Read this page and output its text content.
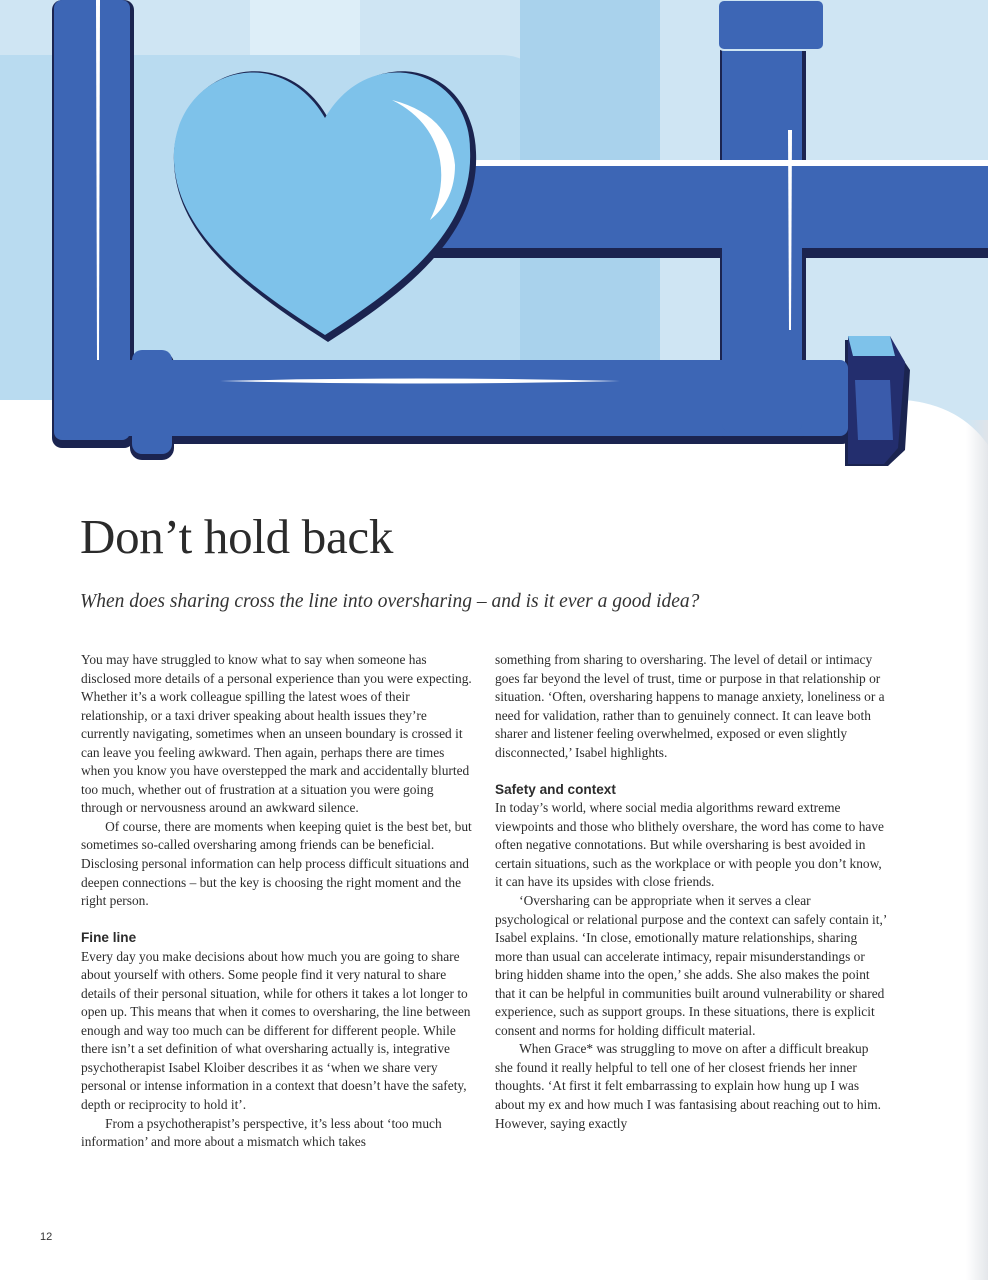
Don’t hold back

When does sharing cross the line into oversharing – and is it ever a good idea?

You may have struggled to know what to say when someone has disclosed more details of a personal experience than you were expecting. Whether it’s a work colleague spilling the latest woes of their relationship, or a taxi driver speaking about health issues they’re currently navigating, sometimes when an unseen boundary is crossed it can leave you feeling awkward. Then again, perhaps there are times when you know you have overstepped the mark and accidentally blurted too much, whether out of frustration at a situation you were going through or nervousness around an awkward silence.

Of course, there are moments when keeping quiet is the best bet, but sometimes so-called oversharing among friends can be beneficial. Disclosing personal information can help process difficult situations and deepen connections – but the key is choosing the right moment and the right person.

Fine line

Every day you make decisions about how much you are going to share about yourself with others. Some people find it very natural to share details of their personal situation, while for others it takes a lot longer to open up. This means that when it comes to oversharing, the line between enough and way too much can be different for different people. While there isn’t a set definition of what oversharing actually is, integrative psychotherapist Isabel Kloiber describes it as ‘when we share very personal or intense information in a context that doesn’t have the safety, depth or reciprocity to hold it’.

From a psychotherapist’s perspective, it’s less about ‘too much information’ and more about a mismatch which takes

something from sharing to oversharing. The level of detail or intimacy goes far beyond the level of trust, time or purpose in that relationship or situation. ‘Often, oversharing happens to manage anxiety, loneliness or a need for validation, rather than to genuinely connect. It can leave both sharer and listener feeling overwhelmed, exposed or even slightly disconnected,’ Isabel highlights.

Safety and context

In today’s world, where social media algorithms reward extreme viewpoints and those who blithely overshare, the word has come to have often negative connotations. But while oversharing is best avoided in certain situations, such as the workplace or with people you don’t know, it can have its upsides with close friends.

‘Oversharing can be appropriate when it serves a clear psychological or relational purpose and the context can safely contain it,’ Isabel explains. ‘In close, emotionally mature relationships, sharing more than usual can accelerate intimacy, repair misunderstandings or bring hidden shame into the open,’ she adds. She also makes the point that it can be helpful in communities built around vulnerability or shared experience, such as support groups. In these situations, there is explicit consent and norms for holding difficult material.

When Grace* was struggling to move on after a difficult breakup she found it really helpful to tell one of her closest friends her inner thoughts. ‘At first it felt embarrassing to explain how hung up I was about my ex and how much I was fantasising about reaching out to him. However, saying exactly

12
